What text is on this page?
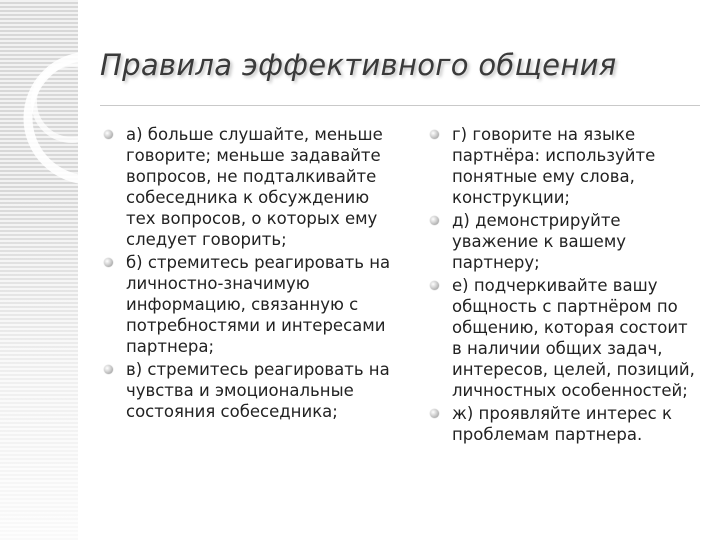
Правила эффективного общения
а) больше слушайте, меньше говорите; меньше задавайте вопросов, не подталкивайте собеседника к обсуждению тех вопросов, о которых ему следует говорить;
б) стремитесь реагировать на личностно-значимую информацию, связанную с потребностями и интересами партнера;
в) стремитесь реагировать на чувства и эмоциональные состояния собеседника;
г) говорите на языке партнёра: используйте понятные ему слова, конструкции;
д) демонстрируйте уважение к вашему партнеру;
е) подчеркивайте вашу общность с партнёром по общению, которая состоит в наличии общих задач, интересов, целей, позиций, личностных особенностей;
ж) проявляйте интерес к проблемам партнера.
